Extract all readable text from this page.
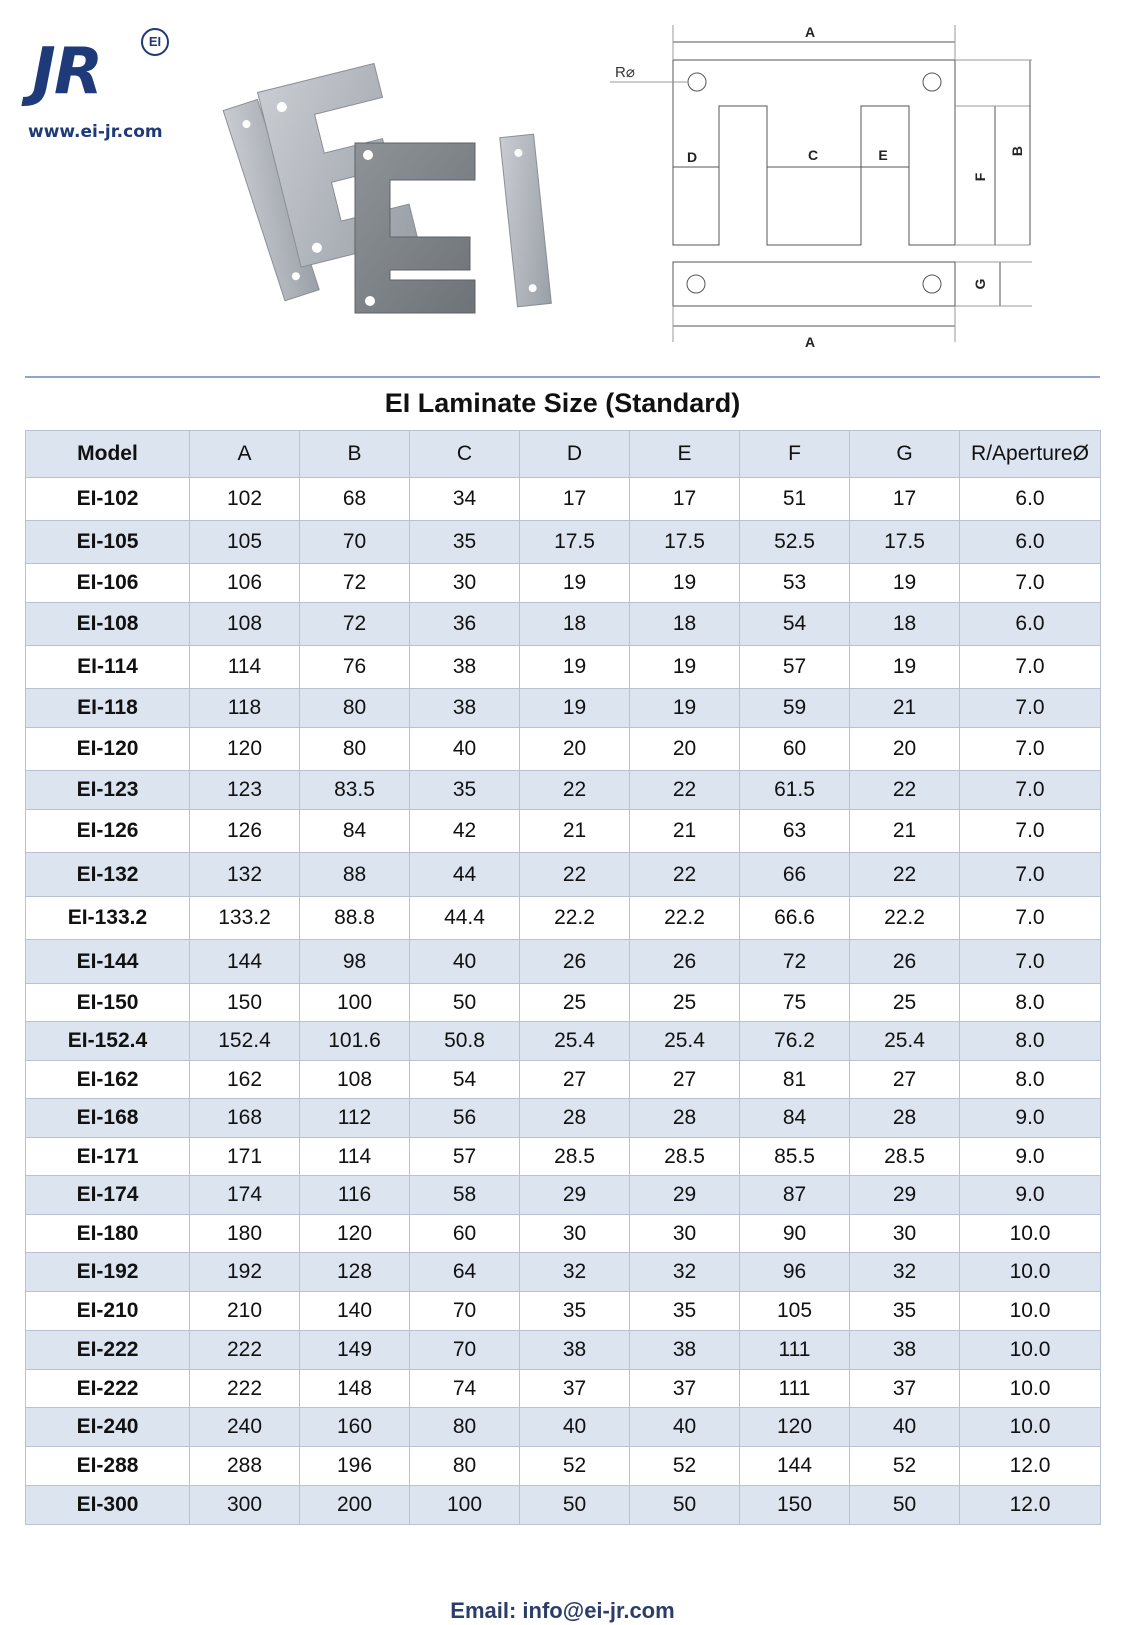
JR	EI
www.ei-jr.com
A
A
D	C	E
F
B
G
R⌀
EI Laminate Size (Standard)
Model	A	B	C	D	E	F	G	R/ApertureØ
EI-102	102	68	34	17	17	51	17	6.0
EI-105	105	70	35	17.5	17.5	52.5	17.5	6.0
EI-106	106	72	30	19	19	53	19	7.0
EI-108	108	72	36	18	18	54	18	6.0
EI-114	114	76	38	19	19	57	19	7.0
EI-118	118	80	38	19	19	59	21	7.0
EI-120	120	80	40	20	20	60	20	7.0
EI-123	123	83.5	35	22	22	61.5	22	7.0
EI-126	126	84	42	21	21	63	21	7.0
EI-132	132	88	44	22	22	66	22	7.0
EI-133.2	133.2	88.8	44.4	22.2	22.2	66.6	22.2	7.0
EI-144	144	98	40	26	26	72	26	7.0
EI-150	150	100	50	25	25	75	25	8.0
EI-152.4	152.4	101.6	50.8	25.4	25.4	76.2	25.4	8.0
EI-162	162	108	54	27	27	81	27	8.0
EI-168	168	112	56	28	28	84	28	9.0
EI-171	171	114	57	28.5	28.5	85.5	28.5	9.0
EI-174	174	116	58	29	29	87	29	9.0
EI-180	180	120	60	30	30	90	30	10.0
EI-192	192	128	64	32	32	96	32	10.0
EI-210	210	140	70	35	35	105	35	10.0
EI-222	222	149	70	38	38	111	38	10.0
EI-222	222	148	74	37	37	111	37	10.0
EI-240	240	160	80	40	40	120	40	10.0
EI-288	288	196	80	52	52	144	52	12.0
EI-300	300	200	100	50	50	150	50	12.0
Email: info@ei-jr.com
